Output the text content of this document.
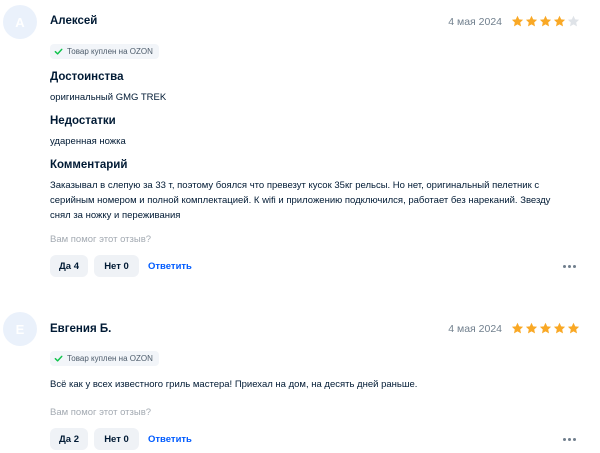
А Алексей	4 мая 2024
Товар куплен на OZON
Достоинства
оригинальный GMG TREK
Недостатки
ударенная ножка
Комментарий
Заказывал в слепую за 33 т, поэтому боялся что превезут кусок 35кг рельсы. Но нет, оригинальный пелетник с серийным номером и полной комплектацией. К wifi и приложению подключился, работает без нареканий. Звезду снял за ножку и переживания
Вам помог этот отзыв?
Да 4	Нет 0	Ответить
Е Евгения Б.	4 мая 2024
Товар куплен на OZON
Всё как у всех известного гриль мастера! Приехал на дом, на десять дней раньше.
Вам помог этот отзыв?
Да 2	Нет 0	Ответить
